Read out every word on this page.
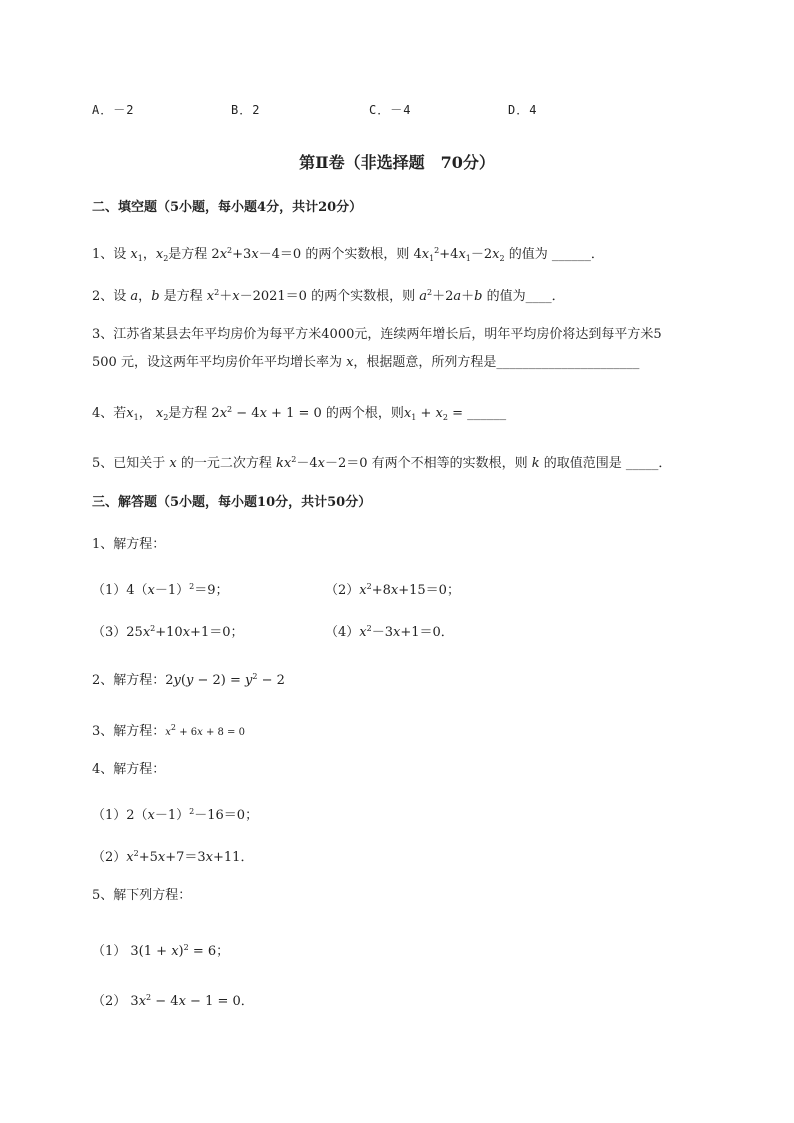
A．－2	B．2	C．－4	D．4
第Ⅱ卷（非选择题　70分）
二、填空题（5小题，每小题4分，共计20分）
1、设 $x_1$，$x_2$是方程 $2x^2+3x-4=0$ 的两个实数根，则 $4x_1^2+4x_1-2x_2$ 的值为 ______．
2、设 a，b 是方程 $x^2+x-2021=0$ 的两个实数根，则 $a^2+2a+b$ 的值为____．
3、江苏省某县去年平均房价为每平方米4000元，连续两年增长后，明年平均房价将达到每平方米5
500 元，设这两年平均房价年平均增长率为 x，根据题意，所列方程是______________________
4、若$x_1$， $x_2$是方程 $2x^2 - 4x + 1 = 0$ 的两个根，则$x_1 + x_2$ = ______
5、已知关于 x 的一元二次方程 $kx^2-4x-2=0$ 有两个不相等的实数根，则 k 的取值范围是 _____．
三、解答题（5小题，每小题10分，共计50分）
1、解方程：
$(1)4(x-1)^2=9$；	$(2)x^2+8x+15=0$；
$(3)25x^2+10x+1=0$；	$(4)x^2-3x+1=0$．
2、解方程：$2y(y - 2) = y^2 - 2$
3、解方程：$x^2 + 6x + 8 = 0$
4、解方程：
$(1)2(x-1)^2-16=0$；
$(2)x^2+5x+7=3x+11$．
5、解下列方程：
（1） $3(1 + x)^2 = 6$；
（2） $3x^2 - 4x - 1 = 0$．
